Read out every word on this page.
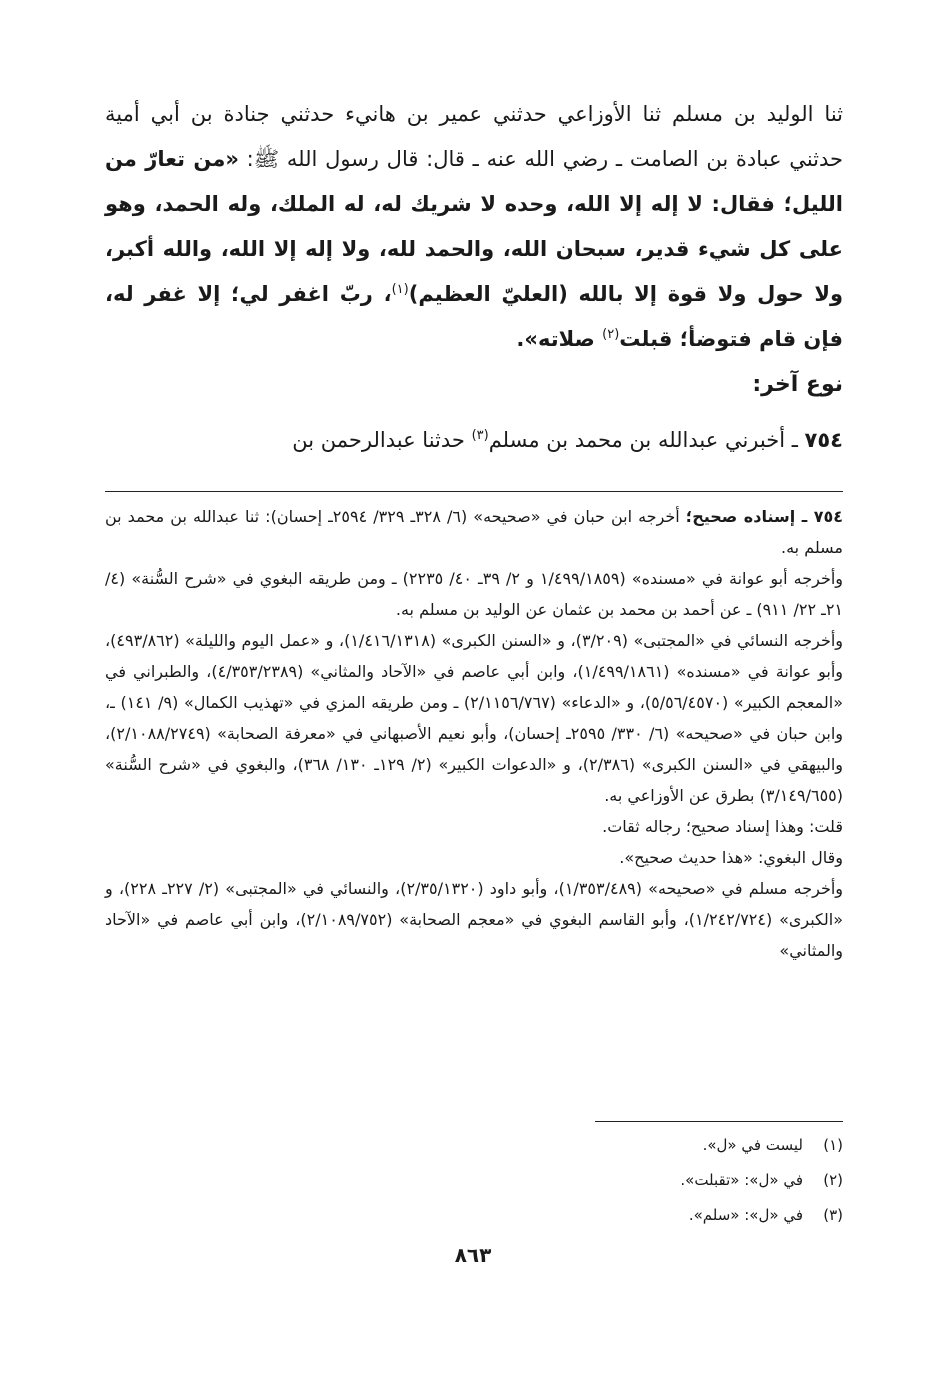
ثنا الوليد بن مسلم ثنا الأوزاعي حدثني عمير بن هانيء حدثني جنادة بن أبي أمية حدثني عبادة بن الصامت ـ رضي الله عنه ـ قال: قال رسول الله ﷺ: «من تعارّ من الليل؛ فقال: لا إله إلا الله، وحده لا شريك له، له الملك، وله الحمد، وهو على كل شيء قدير، سبحان الله، والحمد لله، ولا إله إلا الله، والله أكبر، ولا حول ولا قوة إلا بالله (العليّ العظيم)$^{(١)}$، ربّ اغفر لي؛ إلا غفر له، فإن قام فتوضأ؛ قبلت$^{(٢)}$ صلاته».

نوع آخر:
٧٥٤ ـ أخبرني عبدالله بن محمد بن مسلم$^{(٣)}$ حدثنا عبدالرحمن بن

٧٥٤ ـ إسناده صحيح؛ أخرجه ابن حبان في «صحيحه» (٦/ ٣٢٨ـ ٣٢٩/ ٢٥٩٤ـ إحسان): ثنا عبدالله بن محمد بن مسلم به.

وأخرجه أبو عوانة في «مسنده» (١/٤٩٩/١٨٥٩ و ٢/ ٣٩ـ ٤٠/ ٢٢٣٥) ـ ومن طريقه البغوي في «شرح السُّنة» (٤/ ٢١ـ ٢٢/ ٩١١) ـ عن أحمد بن محمد بن عثمان عن الوليد بن مسلم به.

وأخرجه النسائي في «المجتبى» (٣/٢٠٩)، و «السنن الكبرى» (١/٤١٦/١٣١٨)، و «عمل اليوم والليلة» (٤٩٣/٨٦٢)، وأبو عوانة في «مسنده» (١/٤٩٩/١٨٦١)، وابن أبي عاصم في «الآحاد والمثاني» (٤/٣٥٣/٢٣٨٩)، والطبراني في «المعجم الكبير» (٥/٥٦/٤٥٧٠)، و «الدعاء» (٢/١١٥٦/٧٦٧) ـ ومن طريقه المزي في «تهذيب الكمال» (٩/ ١٤١) ـ، وابن حبان في «صحيحه» (٦/ ٣٣٠/ ٢٥٩٥ـ إحسان)، وأبو نعيم الأصبهاني في «معرفة الصحابة» (٢/١٠٨٨/٢٧٤٩)، والبيهقي في «السنن الكبرى» (٢/٣٨٦)، و «الدعوات الكبير» (٢/ ١٢٩ـ ١٣٠/ ٣٦٨)، والبغوي في «شرح السُّنة» (٣/١٤٩/٦٥٥) بطرق عن الأوزاعي به.

قلت: وهذا إسناد صحيح؛ رجاله ثقات.

وقال البغوي: «هذا حديث صحيح».

وأخرجه مسلم في «صحيحه» (١/٣٥٣/٤٨٩)، وأبو داود (٢/٣٥/١٣٢٠)، والنسائي في «المجتبى» (٢/ ٢٢٧ـ ٢٢٨)، و «الكبرى» (١/٢٤٢/٧٢٤)، وأبو القاسم البغوي في «معجم الصحابة» (٢/١٠٨٩/٧٥٢)، وابن أبي عاصم في «الآحاد والمثاني»

(١)ليست في «ل».
(٢)في «ل»: «تقبلت».
(٣)في «ل»: «سلم».
٨٦٣
